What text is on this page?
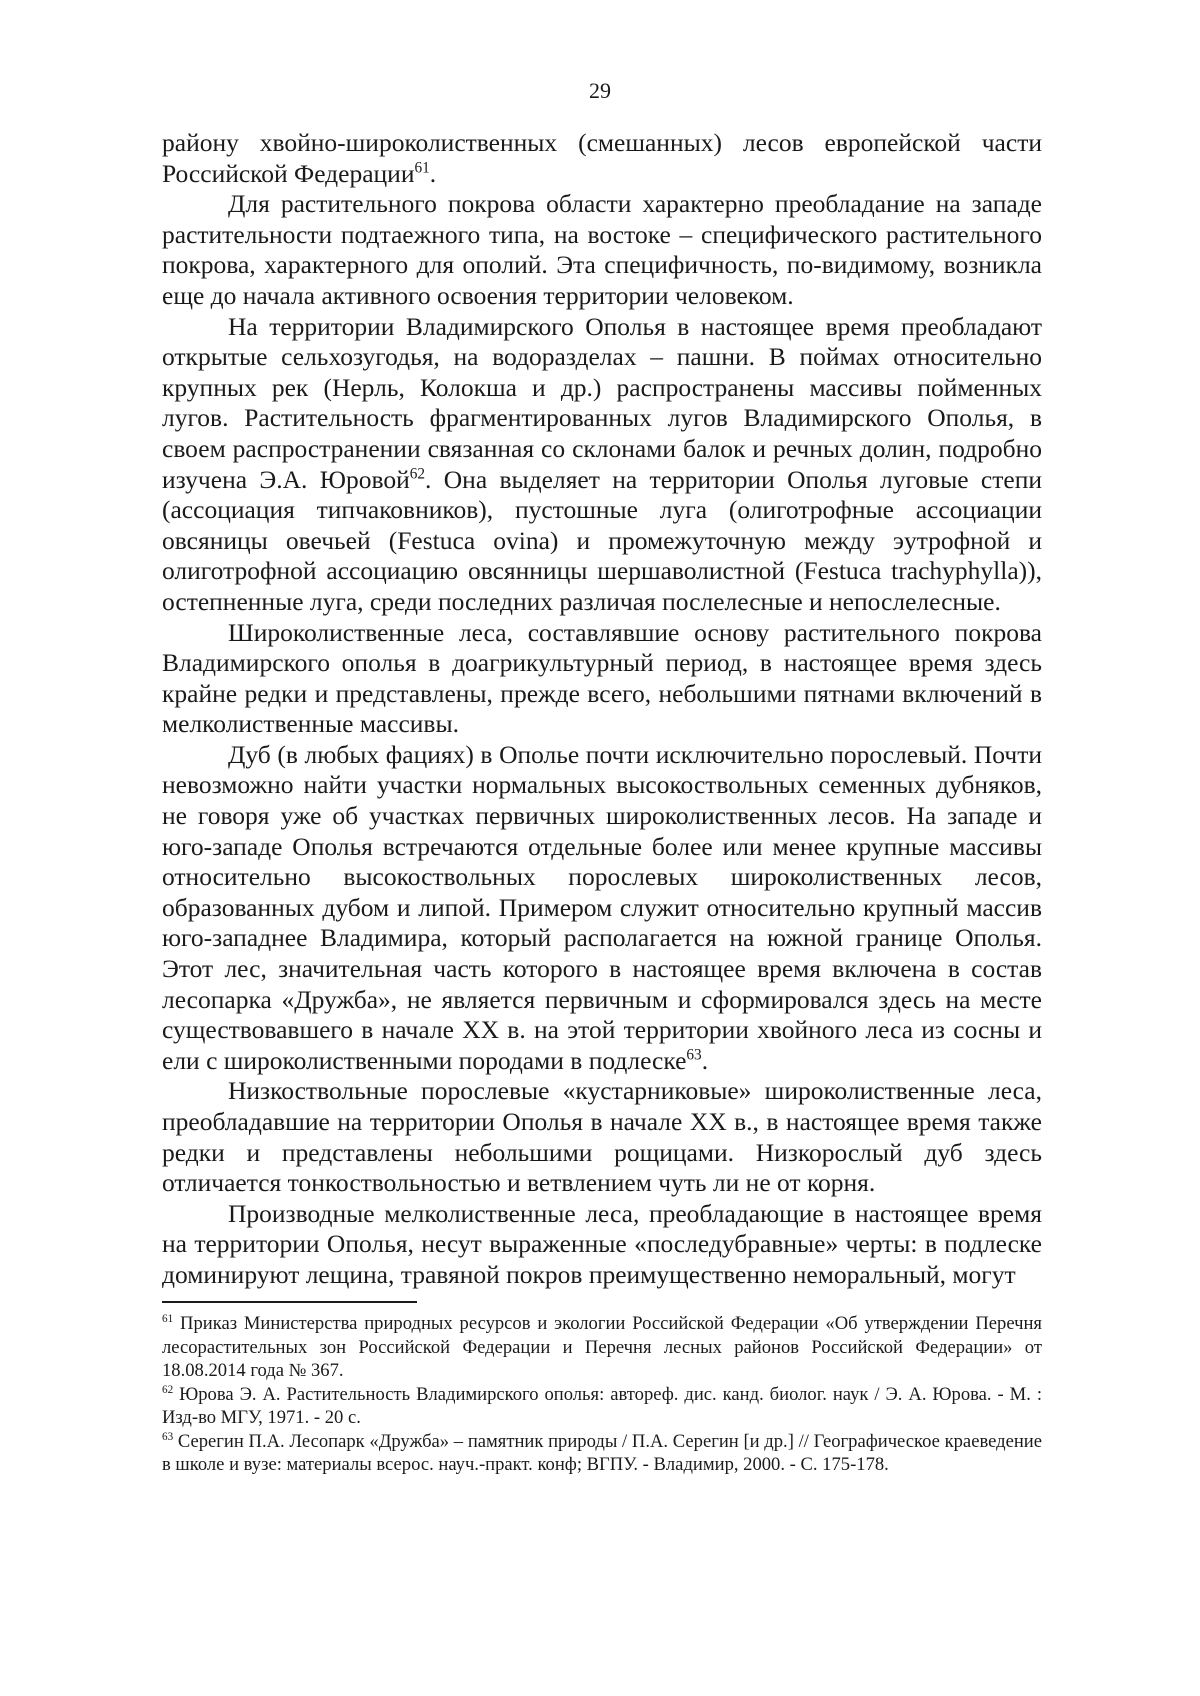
29

району хвойно-широколиственных (смешанных) лесов европейской части Российской Федерации$^{61}$.

Для растительного покрова области характерно преобладание на западе растительности подтаежного типа, на востоке – специфического растительного покрова, характерного для ополий. Эта специфичность, по-видимому, возникла еще до начала активного освоения территории человеком.

На территории Владимирского Ополья в настоящее время преобладают открытые сельхозугодья, на водоразделах – пашни. В поймах относительно крупных рек (Нерль, Колокша и др.) распространены массивы пойменных лугов. Растительность фрагментированных лугов Владимирского Ополья, в своем распространении связанная со склонами балок и речных долин, подробно изучена Э.А. Юровой$^{62}$. Она выделяет на территории Ополья луговые степи (ассоциация типчаковников), пустошные луга (олиготрофные ассоциации овсяницы овечьей (Festuca ovina) и промежуточную между эутрофной и олиготрофной ассоциацию овсянницы шершаволистной (Festuca trachyphylla)), остепненные луга, среди последних различая послелесные и непослелесные.

Широколиственные леса, составлявшие основу растительного покрова Владимирского ополья в доагрикультурный период, в настоящее время здесь крайне редки и представлены, прежде всего, небольшими пятнами включений в мелколиственные массивы.

Дуб (в любых фациях) в Ополье почти исключительно порослевый. Почти невозможно найти участки нормальных высокоствольных семенных дубняков, не говоря уже об участках первичных широколиственных лесов. На западе и юго-западе Ополья встречаются отдельные более или менее крупные массивы относительно высокоствольных порослевых широколиственных лесов, образованных дубом и липой. Примером служит относительно крупный массив юго-западнее Владимира, который располагается на южной границе Ополья. Этот лес, значительная часть которого в настоящее время включена в состав лесопарка «Дружба», не является первичным и сформировался здесь на месте существовавшего в начале XX в. на этой территории хвойного леса из сосны и ели с широколиственными породами в подлеске$^{63}$.

Низкоствольные порослевые «кустарниковые» широколиственные леса, преобладавшие на территории Ополья в начале XX в., в настоящее время также редки и представлены небольшими рощицами. Низкорослый дуб здесь отличается тонкоствольностью и ветвлением чуть ли не от корня.

Производные мелколиственные леса, преобладающие в настоящее время на территории Ополья, несут выраженные «последубравные» черты: в подлеске доминируют лещина, травяной покров преимущественно неморальный, могут

$^{61}$ Приказ Министерства природных ресурсов и экологии Российской Федерации «Об утверждении Перечня лесорастительных зон Российской Федерации и Перечня лесных районов Российской Федерации» от 18.08.2014 года № 367.

$^{62}$ Юрова Э. А. Растительность Владимирского ополья: автореф. дис. канд. биолог. наук / Э. А. Юрова. - М. : Изд-во МГУ, 1971. - 20 с.

$^{63}$ Серегин П.А. Лесопарк «Дружба» – памятник природы / П.А. Серегин [и др.] // Географическое краеведение в школе и вузе: материалы всерос. науч.-практ. конф; ВГПУ. - Владимир, 2000. - С. 175-178.
